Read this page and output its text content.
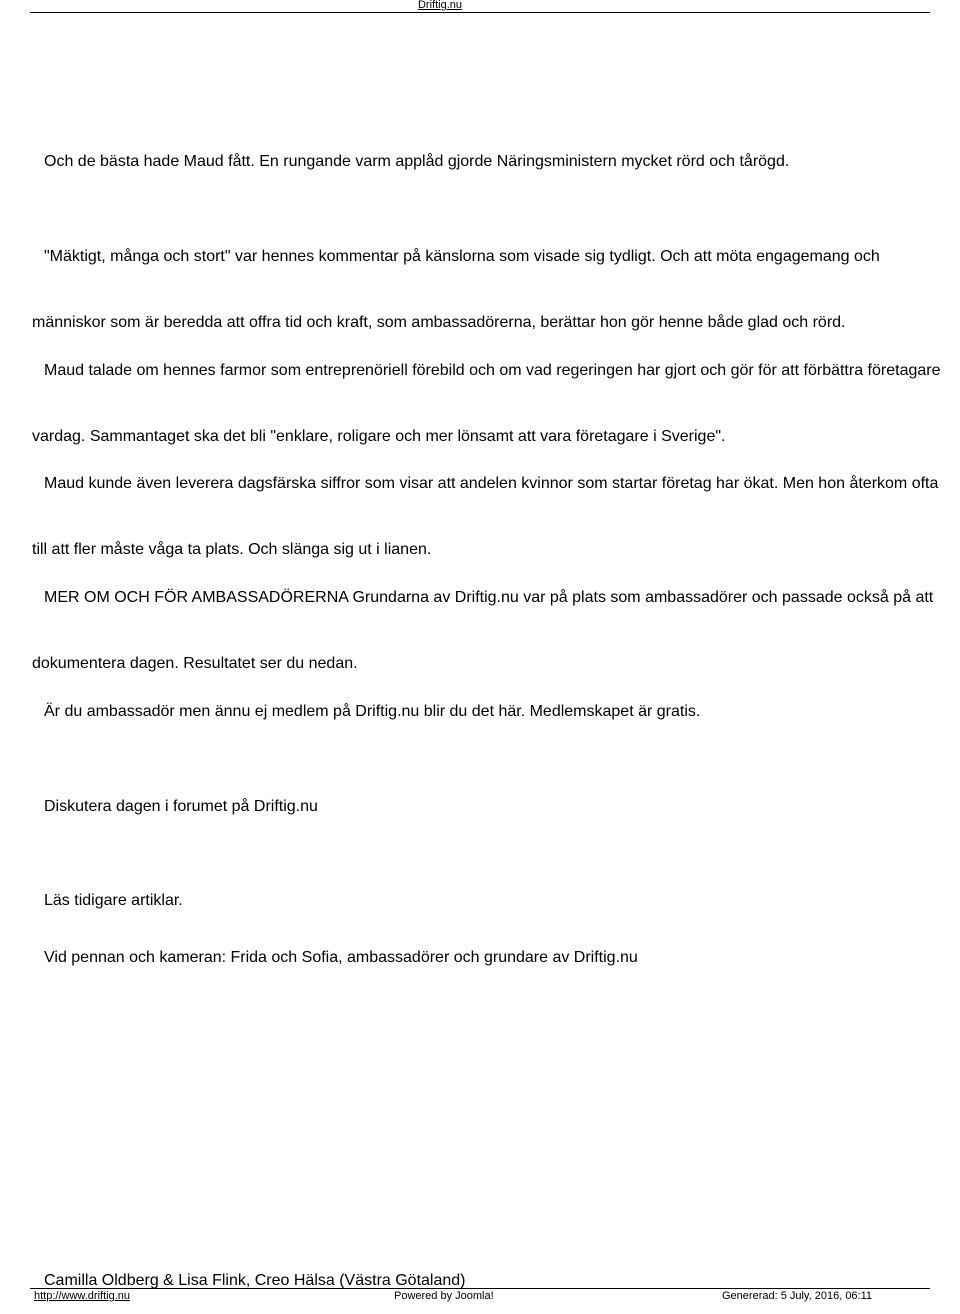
Driftig.nu

Och de bästa hade Maud fått. En rungande varm applåd gjorde Näringsministern mycket rörd och tårögd.

"Mäktigt, många och stort" var hennes kommentar på känslorna som visade sig tydligt. Och att möta engagemang och

människor som är beredda att offra tid och kraft, som ambassadörerna, berättar hon gör henne både glad och rörd.

Maud talade om hennes farmor som entreprenöriell förebild och om vad regeringen har gjort och gör för att förbättra företagare

vardag. Sammantaget ska det bli "enklare, roligare och mer lönsamt att vara företagare i Sverige".

Maud kunde även leverera dagsfärska siffror som visar att andelen kvinnor som startar företag har ökat. Men hon återkom ofta

till att fler måste våga ta plats. Och slänga sig ut i lianen.

MER OM OCH FÖR AMBASSADÖRERNA Grundarna av Driftig.nu var på plats som ambassadörer och passade också på att

dokumentera dagen. Resultatet ser du nedan.

Är du ambassadör men ännu ej medlem på Driftig.nu blir du det här. Medlemskapet är gratis.

Diskutera dagen i forumet på Driftig.nu

Läs tidigare artiklar.

Vid pennan och kameran: Frida och Sofia, ambassadörer och grundare av Driftig.nu

Camilla Oldberg & Lisa Flink, Creo Hälsa (Västra Götaland)

http://www.driftig.nu	Powered by Joomla!	Genererad: 5 July, 2016, 06:11
